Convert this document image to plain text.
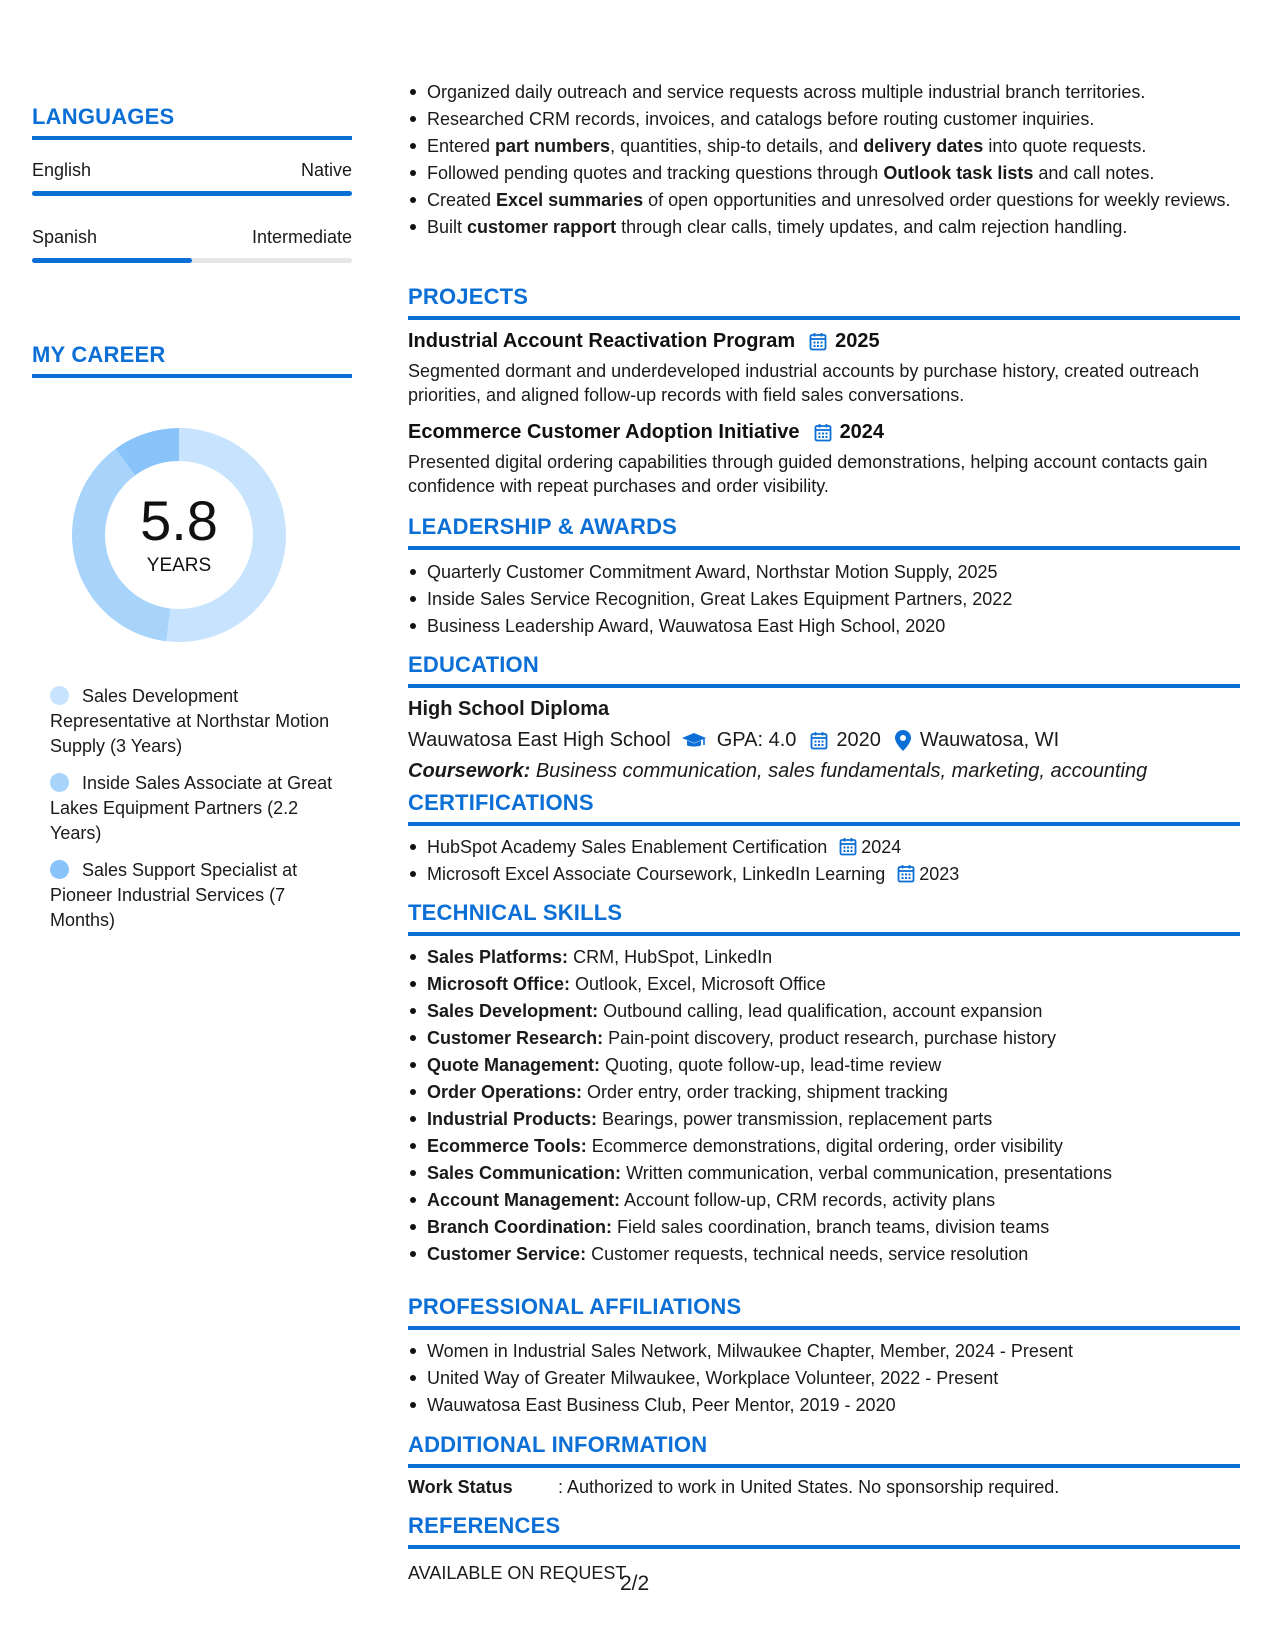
LANGUAGES
English	Native
Spanish	Intermediate
MY CAREER
5.8
YEARS
Sales Development Representative at Northstar Motion Supply (3 Years)
Inside Sales Associate at Great Lakes Equipment Partners (2.2 Years)
Sales Support Specialist at Pioneer Industrial Services (7 Months)
Organized daily outreach and service requests across multiple industrial branch territories.
Researched CRM records, invoices, and catalogs before routing customer inquiries.
Entered part numbers, quantities, ship-to details, and delivery dates into quote requests.
Followed pending quotes and tracking questions through Outlook task lists and call notes.
Created Excel summaries of open opportunities and unresolved order questions for weekly reviews.
Built customer rapport through clear calls, timely updates, and calm rejection handling.
PROJECTS
Industrial Account Reactivation Program 2025
Segmented dormant and underdeveloped industrial accounts by purchase history, created outreach priorities, and aligned follow-up records with field sales conversations.
Ecommerce Customer Adoption Initiative 2024
Presented digital ordering capabilities through guided demonstrations, helping account contacts gain confidence with repeat purchases and order visibility.
LEADERSHIP & AWARDS
Quarterly Customer Commitment Award, Northstar Motion Supply, 2025
Inside Sales Service Recognition, Great Lakes Equipment Partners, 2022
Business Leadership Award, Wauwatosa East High School, 2020
EDUCATION
High School Diploma
Wauwatosa East High School GPA: 4.0 2020 Wauwatosa, WI
Coursework: Business communication, sales fundamentals, marketing, accounting
CERTIFICATIONS
HubSpot Academy Sales Enablement Certification 2024
Microsoft Excel Associate Coursework, LinkedIn Learning 2023
TECHNICAL SKILLS
Sales Platforms: CRM, HubSpot, LinkedIn
Microsoft Office: Outlook, Excel, Microsoft Office
Sales Development: Outbound calling, lead qualification, account expansion
Customer Research: Pain-point discovery, product research, purchase history
Quote Management: Quoting, quote follow-up, lead-time review
Order Operations: Order entry, order tracking, shipment tracking
Industrial Products: Bearings, power transmission, replacement parts
Ecommerce Tools: Ecommerce demonstrations, digital ordering, order visibility
Sales Communication: Written communication, verbal communication, presentations
Account Management: Account follow-up, CRM records, activity plans
Branch Coordination: Field sales coordination, branch teams, division teams
Customer Service: Customer requests, technical needs, service resolution
PROFESSIONAL AFFILIATIONS
Women in Industrial Sales Network, Milwaukee Chapter, Member, 2024 - Present
United Way of Greater Milwaukee, Workplace Volunteer, 2022 - Present
Wauwatosa East Business Club, Peer Mentor, 2019 - 2020
ADDITIONAL INFORMATION
Work Status	: Authorized to work in United States. No sponsorship required.
REFERENCES
AVAILABLE ON REQUEST
2/2
